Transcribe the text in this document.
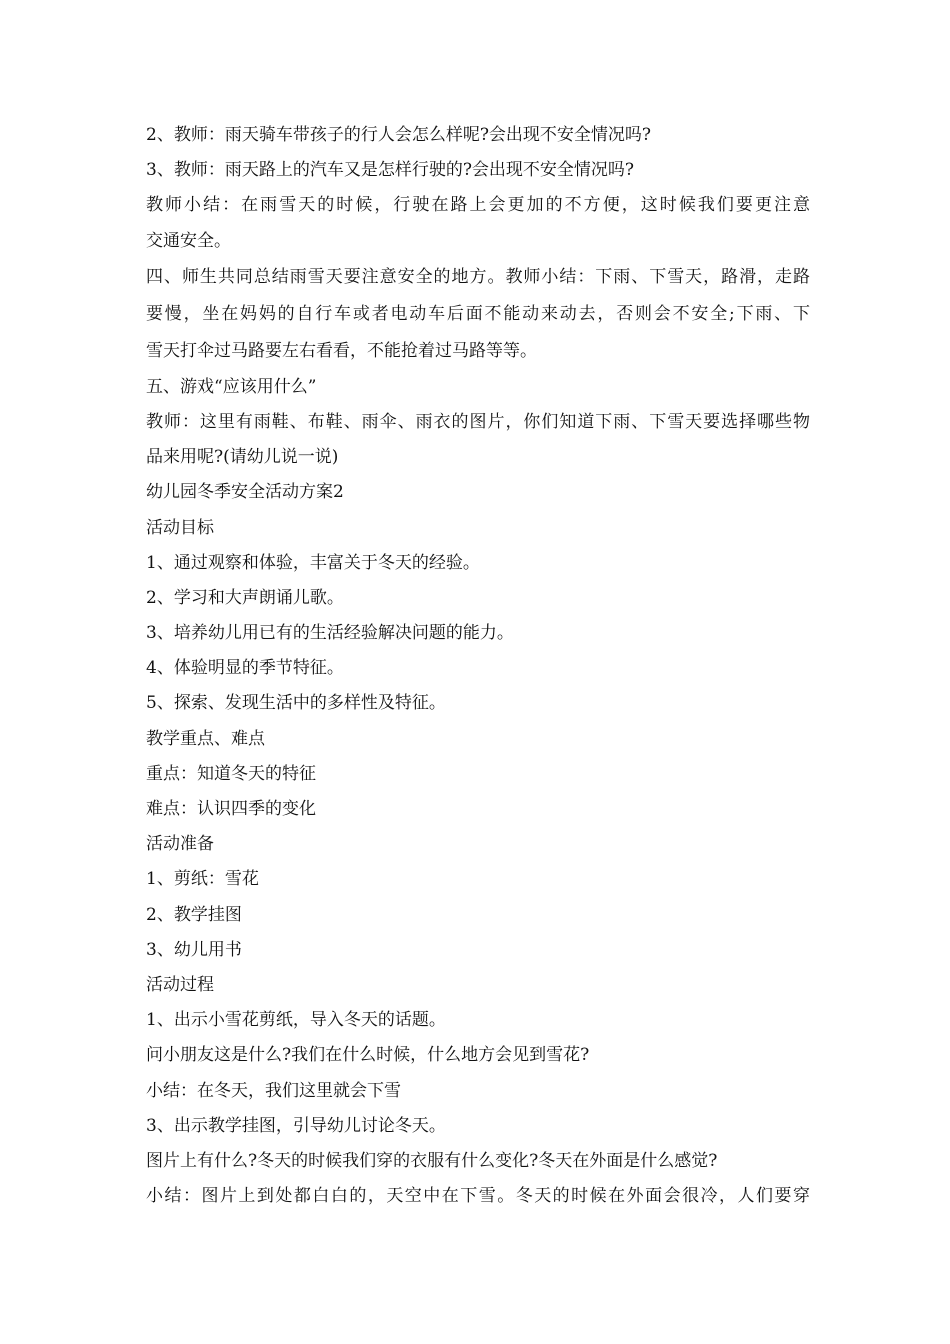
2、教师：雨天骑车带孩子的行人会怎么样呢?会出现不安全情况吗?

3、教师：雨天路上的汽车又是怎样行驶的?会出现不安全情况吗?

教师小结：在雨雪天的时候，行驶在路上会更加的不方便，这时候我们要更注意

交通安全。

四、师生共同总结雨雪天要注意安全的地方。教师小结：下雨、下雪天，路滑，走路

要慢，坐在妈妈的自行车或者电动车后面不能动来动去，否则会不安全;下雨、下

雪天打伞过马路要左右看看，不能抢着过马路等等。

五、游戏“应该用什么”

教师：这里有雨鞋、布鞋、雨伞、雨衣的图片，你们知道下雨、下雪天要选择哪些物

品来用呢?(请幼儿说一说)

幼儿园冬季安全活动方案2

活动目标

1、通过观察和体验，丰富关于冬天的经验。

2、学习和大声朗诵儿歌。

3、培养幼儿用已有的生活经验解决问题的能力。

4、体验明显的季节特征。

5、探索、发现生活中的多样性及特征。

教学重点、难点

重点：知道冬天的特征

难点：认识四季的变化

活动准备

1、剪纸：雪花

2、教学挂图

3、幼儿用书

活动过程

1、出示小雪花剪纸，导入冬天的话题。

问小朋友这是什么?我们在什么时候，什么地方会见到雪花?

小结：在冬天，我们这里就会下雪

3、出示教学挂图，引导幼儿讨论冬天。

图片上有什么?冬天的时候我们穿的衣服有什么变化?冬天在外面是什么感觉?

小结：图片上到处都白白的，天空中在下雪。冬天的时候在外面会很冷，人们要穿
